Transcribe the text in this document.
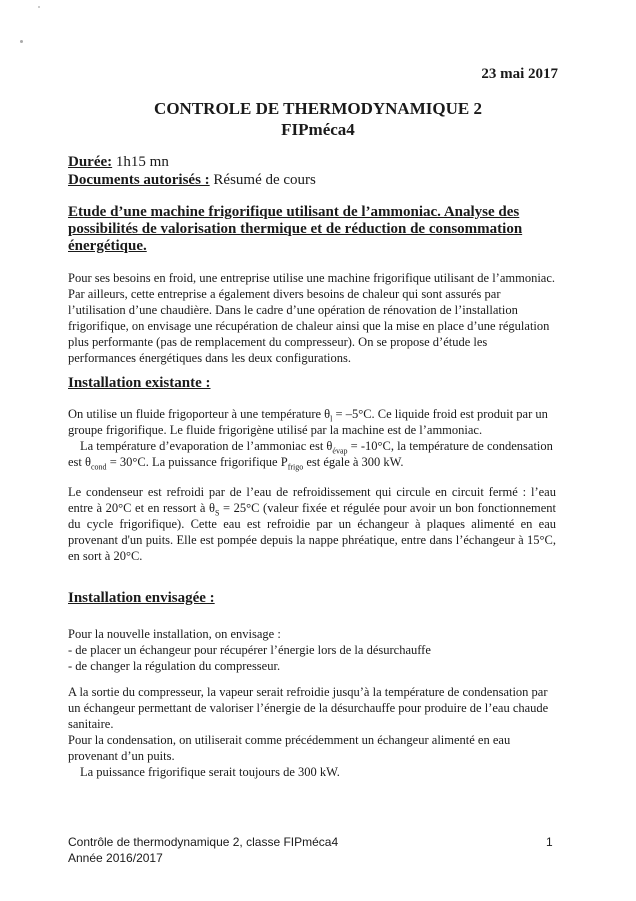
23 mai 2017
CONTROLE DE THERMODYNAMIQUE 2
FIPméca4
Durée: 1h15 mn
Documents autorisés : Résumé de cours
Etude d’une machine frigorifique utilisant de l’ammoniac. Analyse des possibilités de valorisation thermique et de réduction de consommation énergétique.
Pour ses besoins en froid, une entreprise utilise une machine frigorifique utilisant de l’ammoniac. Par ailleurs, cette entreprise a également divers besoins de chaleur qui sont assurés par l’utilisation d’une chaudière. Dans le cadre d’une opération de rénovation de l’installation frigorifique, on envisage une récupération de chaleur ainsi que la mise en place d’une régulation plus performante (pas de remplacement du compresseur). On se propose d’étude les performances énergétiques dans les deux configurations.
Installation existante :
On utilise un fluide frigoporteur à une température $\theta_l = -5^\circ C$. Ce liquide froid est produit par un groupe frigorifique. Le fluide frigorigène utilisé par la machine est de l’ammoniac.
La température d’evaporation de l’ammoniac est $\theta_{évap} = -10^\circ C$, la température de condensation est $\theta_{cond} = 30^\circ C$. La puissance frigorifique $P_{frigo}$ est égale à 300 kW.
Le condenseur est refroidi par de l’eau de refroidissement qui circule en circuit fermé : l’eau entre à 20°C et en ressort à $\theta_S = 25^\circ C$ (valeur fixée et régulée pour avoir un bon fonctionnement du cycle frigorifique). Cette eau est refroidie par un échangeur à plaques alimenté en eau provenant d'un puits. Elle est pompée depuis la nappe phréatique, entre dans l’échangeur à 15°C, en sort à 20°C.
Installation envisagée :
Pour la nouvelle installation, on envisage :
- de placer un échangeur pour récupérer l’énergie lors de la désurchauffe
- de changer la régulation du compresseur.
A la sortie du compresseur, la vapeur serait refroidie jusqu’à la température de condensation par un échangeur permettant de valoriser l’énergie de la désurchauffe pour produire de l’eau chaude sanitaire.
Pour la condensation, on utiliserait comme précédemment un échangeur alimenté en eau provenant d’un puits.
La puissance frigorifique serait toujours de 300 kW.
Contrôle de thermodynamique 2, classe FIPméca4
Année 2016/2017
1
